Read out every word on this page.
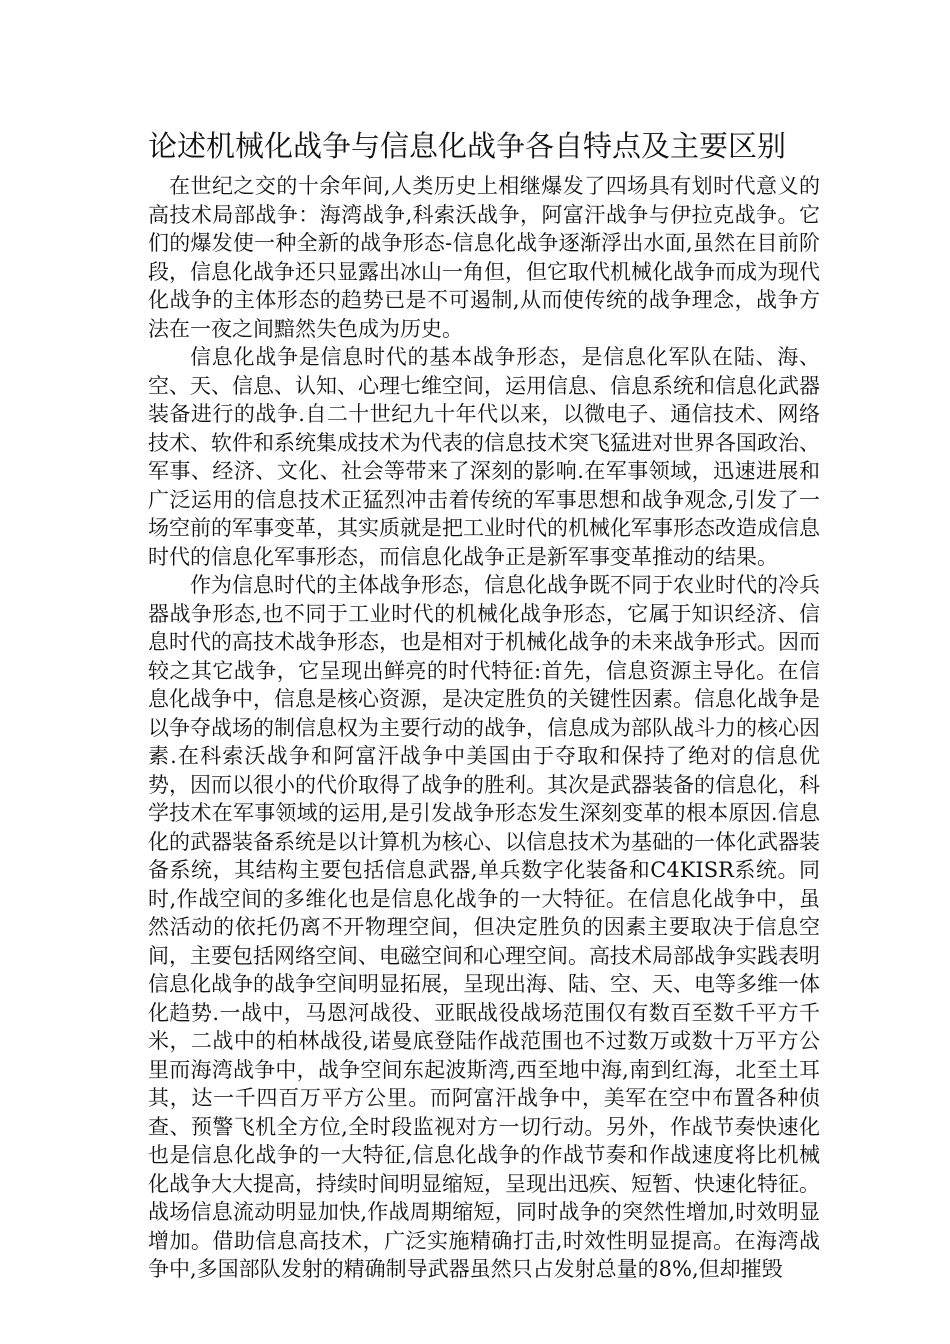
论述机械化战争与信息化战争各自特点及主要区别

在世纪之交的十余年间,人类历史上相继爆发了四场具有划时代意义的高技术局部战争：海湾战争,科索沃战争，阿富汗战争与伊拉克战争。它们的爆发使一种全新的战争形态-信息化战争逐渐浮出水面,虽然在目前阶段，信息化战争还只显露出冰山一角但，但它取代机械化战争而成为现代化战争的主体形态的趋势已是不可遏制,从而使传统的战争理念，战争方法在一夜之间黯然失色成为历史。

信息化战争是信息时代的基本战争形态，是信息化军队在陆、海、空、天、信息、认知、心理七维空间，运用信息、信息系统和信息化武器装备进行的战争.自二十世纪九十年代以来，以微电子、通信技术、网络技术、软件和系统集成技术为代表的信息技术突飞猛进对世界各国政治、军事、经济、文化、社会等带来了深刻的影响.在军事领域，迅速进展和广泛运用的信息技术正猛烈冲击着传统的军事思想和战争观念,引发了一场空前的军事变革，其实质就是把工业时代的机械化军事形态改造成信息时代的信息化军事形态，而信息化战争正是新军事变革推动的结果。

作为信息时代的主体战争形态，信息化战争既不同于农业时代的冷兵器战争形态,也不同于工业时代的机械化战争形态，它属于知识经济、信息时代的高技术战争形态，也是相对于机械化战争的未来战争形式。因而较之其它战争，它呈现出鲜亮的时代特征:首先，信息资源主导化。在信息化战争中，信息是核心资源，是决定胜负的关键性因素。信息化战争是以争夺战场的制信息权为主要行动的战争，信息成为部队战斗力的核心因素.在科索沃战争和阿富汗战争中美国由于夺取和保持了绝对的信息优势，因而以很小的代价取得了战争的胜利。其次是武器装备的信息化，科学技术在军事领域的运用,是引发战争形态发生深刻变革的根本原因.信息化的武器装备系统是以计算机为核心、以信息技术为基础的一体化武器装备系统，其结构主要包括信息武器,单兵数字化装备和C4KISR系统。同时,作战空间的多维化也是信息化战争的一大特征。在信息化战争中，虽然活动的依托仍离不开物理空间，但决定胜负的因素主要取决于信息空间，主要包括网络空间、电磁空间和心理空间。高技术局部战争实践表明信息化战争的战争空间明显拓展，呈现出海、陆、空、天、电等多维一体化趋势.一战中，马恩河战役、亚眠战役战场范围仅有数百至数千平方千米，二战中的柏林战役,诺曼底登陆作战范围也不过数万或数十万平方公里而海湾战争中，战争空间东起波斯湾,西至地中海,南到红海，北至土耳其，达一千四百万平方公里。而阿富汗战争中，美军在空中布置各种侦查、预警飞机全方位,全时段监视对方一切行动。另外，作战节奏快速化也是信息化战争的一大特征,信息化战争的作战节奏和作战速度将比机械化战争大大提高，持续时间明显缩短，呈现出迅疾、短暂、快速化特征。战场信息流动明显加快,作战周期缩短，同时战争的突然性增加,时效明显增加。借助信息高技术，广泛实施精确打击,时效性明显提高。在海湾战争中,多国部队发射的精确制导武器虽然只占发射总量的8%,但却摧毁
